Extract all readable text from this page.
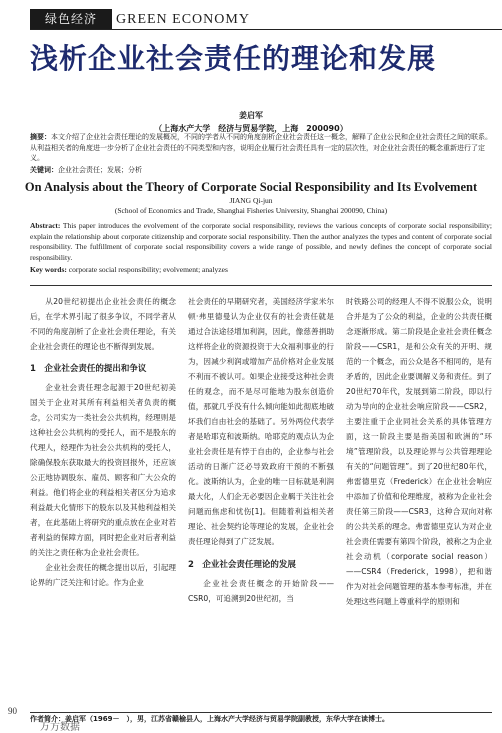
绿色经济	GREEN ECONOMY
浅析企业社会责任的理论和发展
姜启军
（上海水产大学　经济与贸易学院，上海　200090）
摘要：本文介绍了企业社会责任理论的发展概况，不同的学者从不同的角度剖析企业社会责任这一概念，解释了企业公民和企业社会责任之间的联系。从利益相关者的角度进一步分析了企业社会责任的不同类型和内容，说明企业履行社会责任具有一定的层次性，对企业社会责任的概念重新进行了定义。
关键词：企业社会责任；发展；分析
On Analysis about the Theory of Corporate Social Responsibility and Its Evolvement
JIANG Qi-jun
(School of Economics and Trade, Shanghai Fisheries University, Shanghai 200090, China)
Abstract: This paper introduces the evolvement of the corporate social responsibility, reviews the various concepts of corporate social responsibility; explain the relationship about corporate citizenship and corporate social responsibility. Then the author analyzes the types and content of corporate social responsibility. The fulfillment of corporate social responsibility covers a wide range of possible, and newly defines the concept of corporate social responsibility.
Key words: corporate social responsibility; evolvement; analyzes

从20世纪初提出企业社会责任的概念后，在学术界引起了很多争议，不同学者从不同的角度剖析了企业社会责任理论，有关企业社会责任的理论也不断得到发展。

1　企业社会责任的提出和争议

企业社会责任理念起源于20世纪初美国关于企业对其所有利益相关者负责的概念，公司实为一类社会公共机构，经理则是这种社会公共机构的受托人，而不是股东的代理人，经理作为社会公共机构的受托人，除确保股东获取最大的投资回报外，还应该公正地协调股东、雇员、顾客和广大公众的利益。他们将企业的利益相关者区分为追求利益最大化情形下的股东以及其他利益相关者，在此基础上将研究的重点放在企业对若者利益的保障方面，同时把企业对后者利益的关注之责任称为企业社会责任。

企业社会责任的概念提出以后，引起理论界的广泛关注和讨论。作为企业

社会责任的早期研究者，美国经济学家米尔顿·弗里德曼认为企业仅有的社会责任就是通过合法途径增加利润，因此，像慈善捐助这样将企业的资源投资于大众福利事业的行为，因减少利润或增加产品价格对企业发展不利而不被认可。如果企业接受这种社会责任的观念，而不是尽可能地为股东创造价值，那就几乎没有什么倾向能如此彻底地破坏我们自由社会的基础了。另外两位代表学者是哈耶克和波斯纳。哈耶克的观点认为企业社会责任是有悖于自由的，企业参与社会活动的日渐广泛必导致政府干预的不断强化。波斯纳认为，企业的唯一目标就是利润最大化，人们企无必要因企业羁于关注社会问题而焦虑和忧伤[1]。但随着利益相关者理论、社会契约论等理论的发展，企业社会责任理论得到了广泛发展。

2　企业社会责任理论的发展

企业社会责任概念的开始阶段——CSR0，可追溯到20世纪初，当

时铁路公司的经理人不得不说服公众，说明合并是为了公众的利益，企业的公共责任概念逐渐形成。第二阶段是企业社会责任概念阶段——CSR1，是和公众有关的开明、规范的一个概念，而公众是各不相同的，是有矛盾的，因此企业要调解义务和责任。到了20世纪70年代，发展到第二阶段，即以行动为导向的企业社会响应阶段——CSR2，主要注重于企业同社会关系的具体管理方面，这一阶段主要是指美国和欧洲的“环境”管理阶段，以及理论界与公共管理理论有关的“问题管理”。到了20世纪80年代，弗雷德里克（Frederick）在企业社会响应中添加了价值和伦理维度，被称为企业社会责任第三阶段——CSR3，这种合双向对称的公共关系的理念。弗雷德里克认为对企业社会责任需要有第四个阶段，被称之为企业社会动机（corporate social reason）——CSR4（Frederick，1998），把和谐作为对社会问题管理的基本参考标准，并在处理这些问题上尊重科学的原则和

作者简介：姜启军（1969－　），男，江苏省赣榆县人，上海水产大学经济与贸易学院副教授，东华大学在读博士。
90
万方数据
